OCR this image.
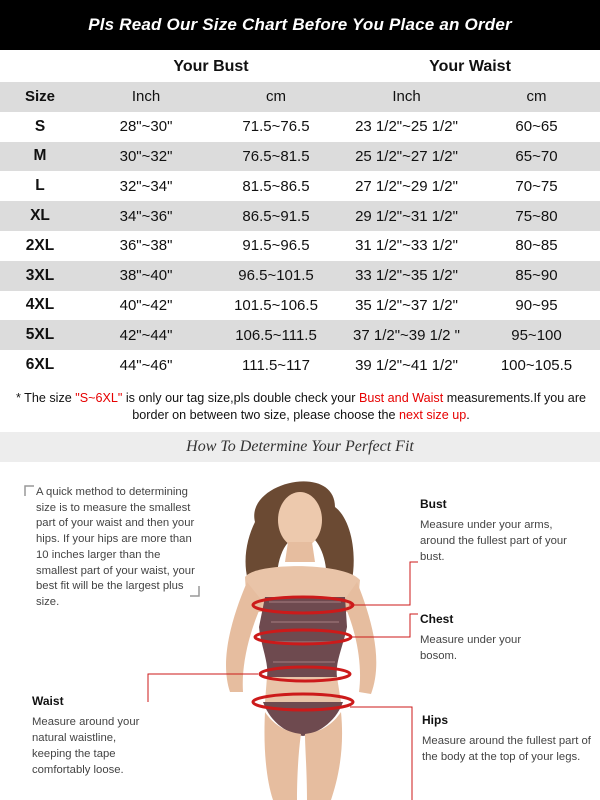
Pls Read Our Size Chart Before You Place an Order
Your Bust	Your Waist
Size	Inch	cm	Inch	cm
S	28"~30"	71.5~76.5	23 1/2"~25 1/2"	60~65
M	30"~32"	76.5~81.5	25 1/2"~27 1/2"	65~70
L	32"~34"	81.5~86.5	27 1/2"~29 1/2"	70~75
XL	34"~36"	86.5~91.5	29 1/2"~31 1/2"	75~80
2XL	36"~38"	91.5~96.5	31 1/2"~33 1/2"	80~85
3XL	38"~40"	96.5~101.5	33 1/2"~35 1/2"	85~90
4XL	40"~42"	101.5~106.5	35 1/2"~37 1/2"	90~95
5XL	42"~44"	106.5~111.5	37 1/2"~39 1/2 "	95~100
6XL	44"~46"	111.5~117	39 1/2"~41 1/2"	100~105.5
* The size "S~6XL" is only our tag size,pls double check your Bust and Waist measurements.If you are border on between two size, please choose the next size up.
How To Determine Your Perfect Fit
A quick method to determining size is to measure the smallest part of your waist and then your hips. If your hips are more than 10 inches larger than the smallest part of your waist, your best fit will be the largest plus size.
Bust
Measure under your arms, around the fullest part of your bust.
Chest
Measure under your bosom.
Waist
Measure around your natural waistline, keeping the tape comfortably loose.
Hips
Measure around the fullest part of the body at the top of your legs.
